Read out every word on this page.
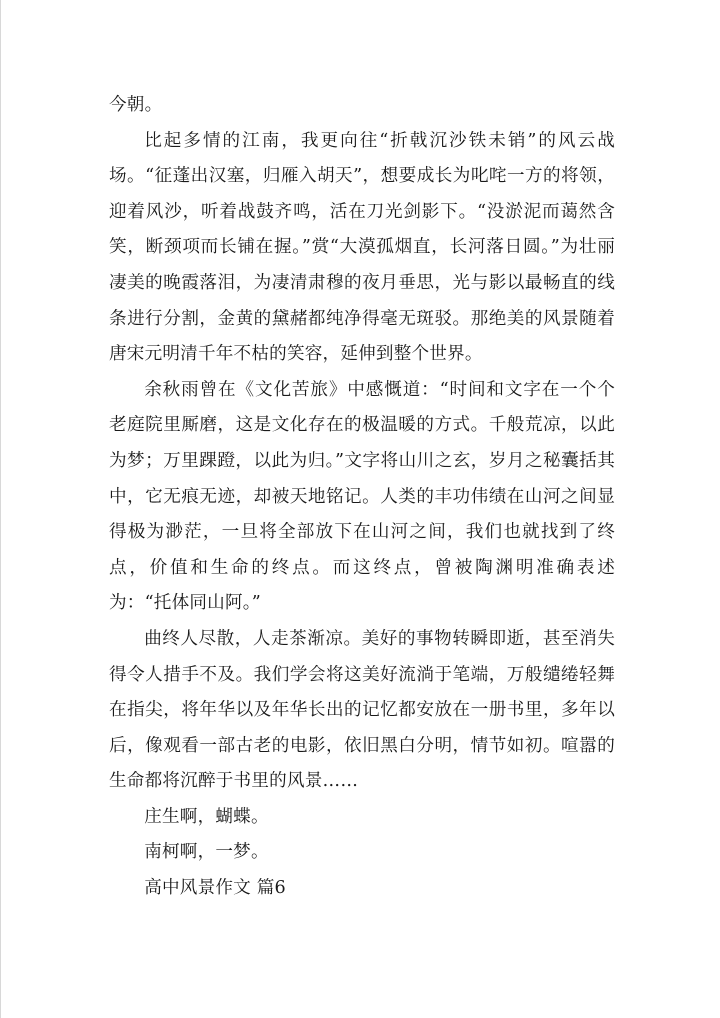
今朝。

比起多情的江南，我更向往“折戟沉沙铁未销”的风云战场。“征蓬出汉塞，归雁入胡天”，想要成长为叱咤一方的将领，迎着风沙，听着战鼓齐鸣，活在刀光剑影下。“没淤泥而蔼然含笑，断颈项而长铺在握。”赏“大漠孤烟直，长河落日圆。”为壮丽凄美的晚霞落泪，为凄清肃穆的夜月垂思，光与影以最畅直的线条进行分割，金黄的黛赭都纯净得毫无斑驳。那绝美的风景随着唐宋元明清千年不枯的笑容，延伸到整个世界。

余秋雨曾在《文化苦旅》中感慨道：“时间和文字在一个个老庭院里厮磨，这是文化存在的极温暖的方式。千般荒凉，以此为梦；万里踝蹬，以此为归。”文字将山川之玄，岁月之秘囊括其中，它无痕无迹，却被天地铭记。人类的丰功伟绩在山河之间显得极为渺茫，一旦将全部放下在山河之间，我们也就找到了终点，价值和生命的终点。而这终点，曾被陶渊明准确表述为：“托体同山阿。”

曲终人尽散，人走茶渐凉。美好的事物转瞬即逝，甚至消失得令人措手不及。我们学会将这美好流淌于笔端，万般缱绻轻舞在指尖，将年华以及年华长出的记忆都安放在一册书里，多年以后，像观看一部古老的电影，依旧黑白分明，情节如初。喧嚣的生命都将沉醉于书里的风景……

庄生啊，蝴蝶。

南柯啊，一梦。

高中风景作文 篇6
